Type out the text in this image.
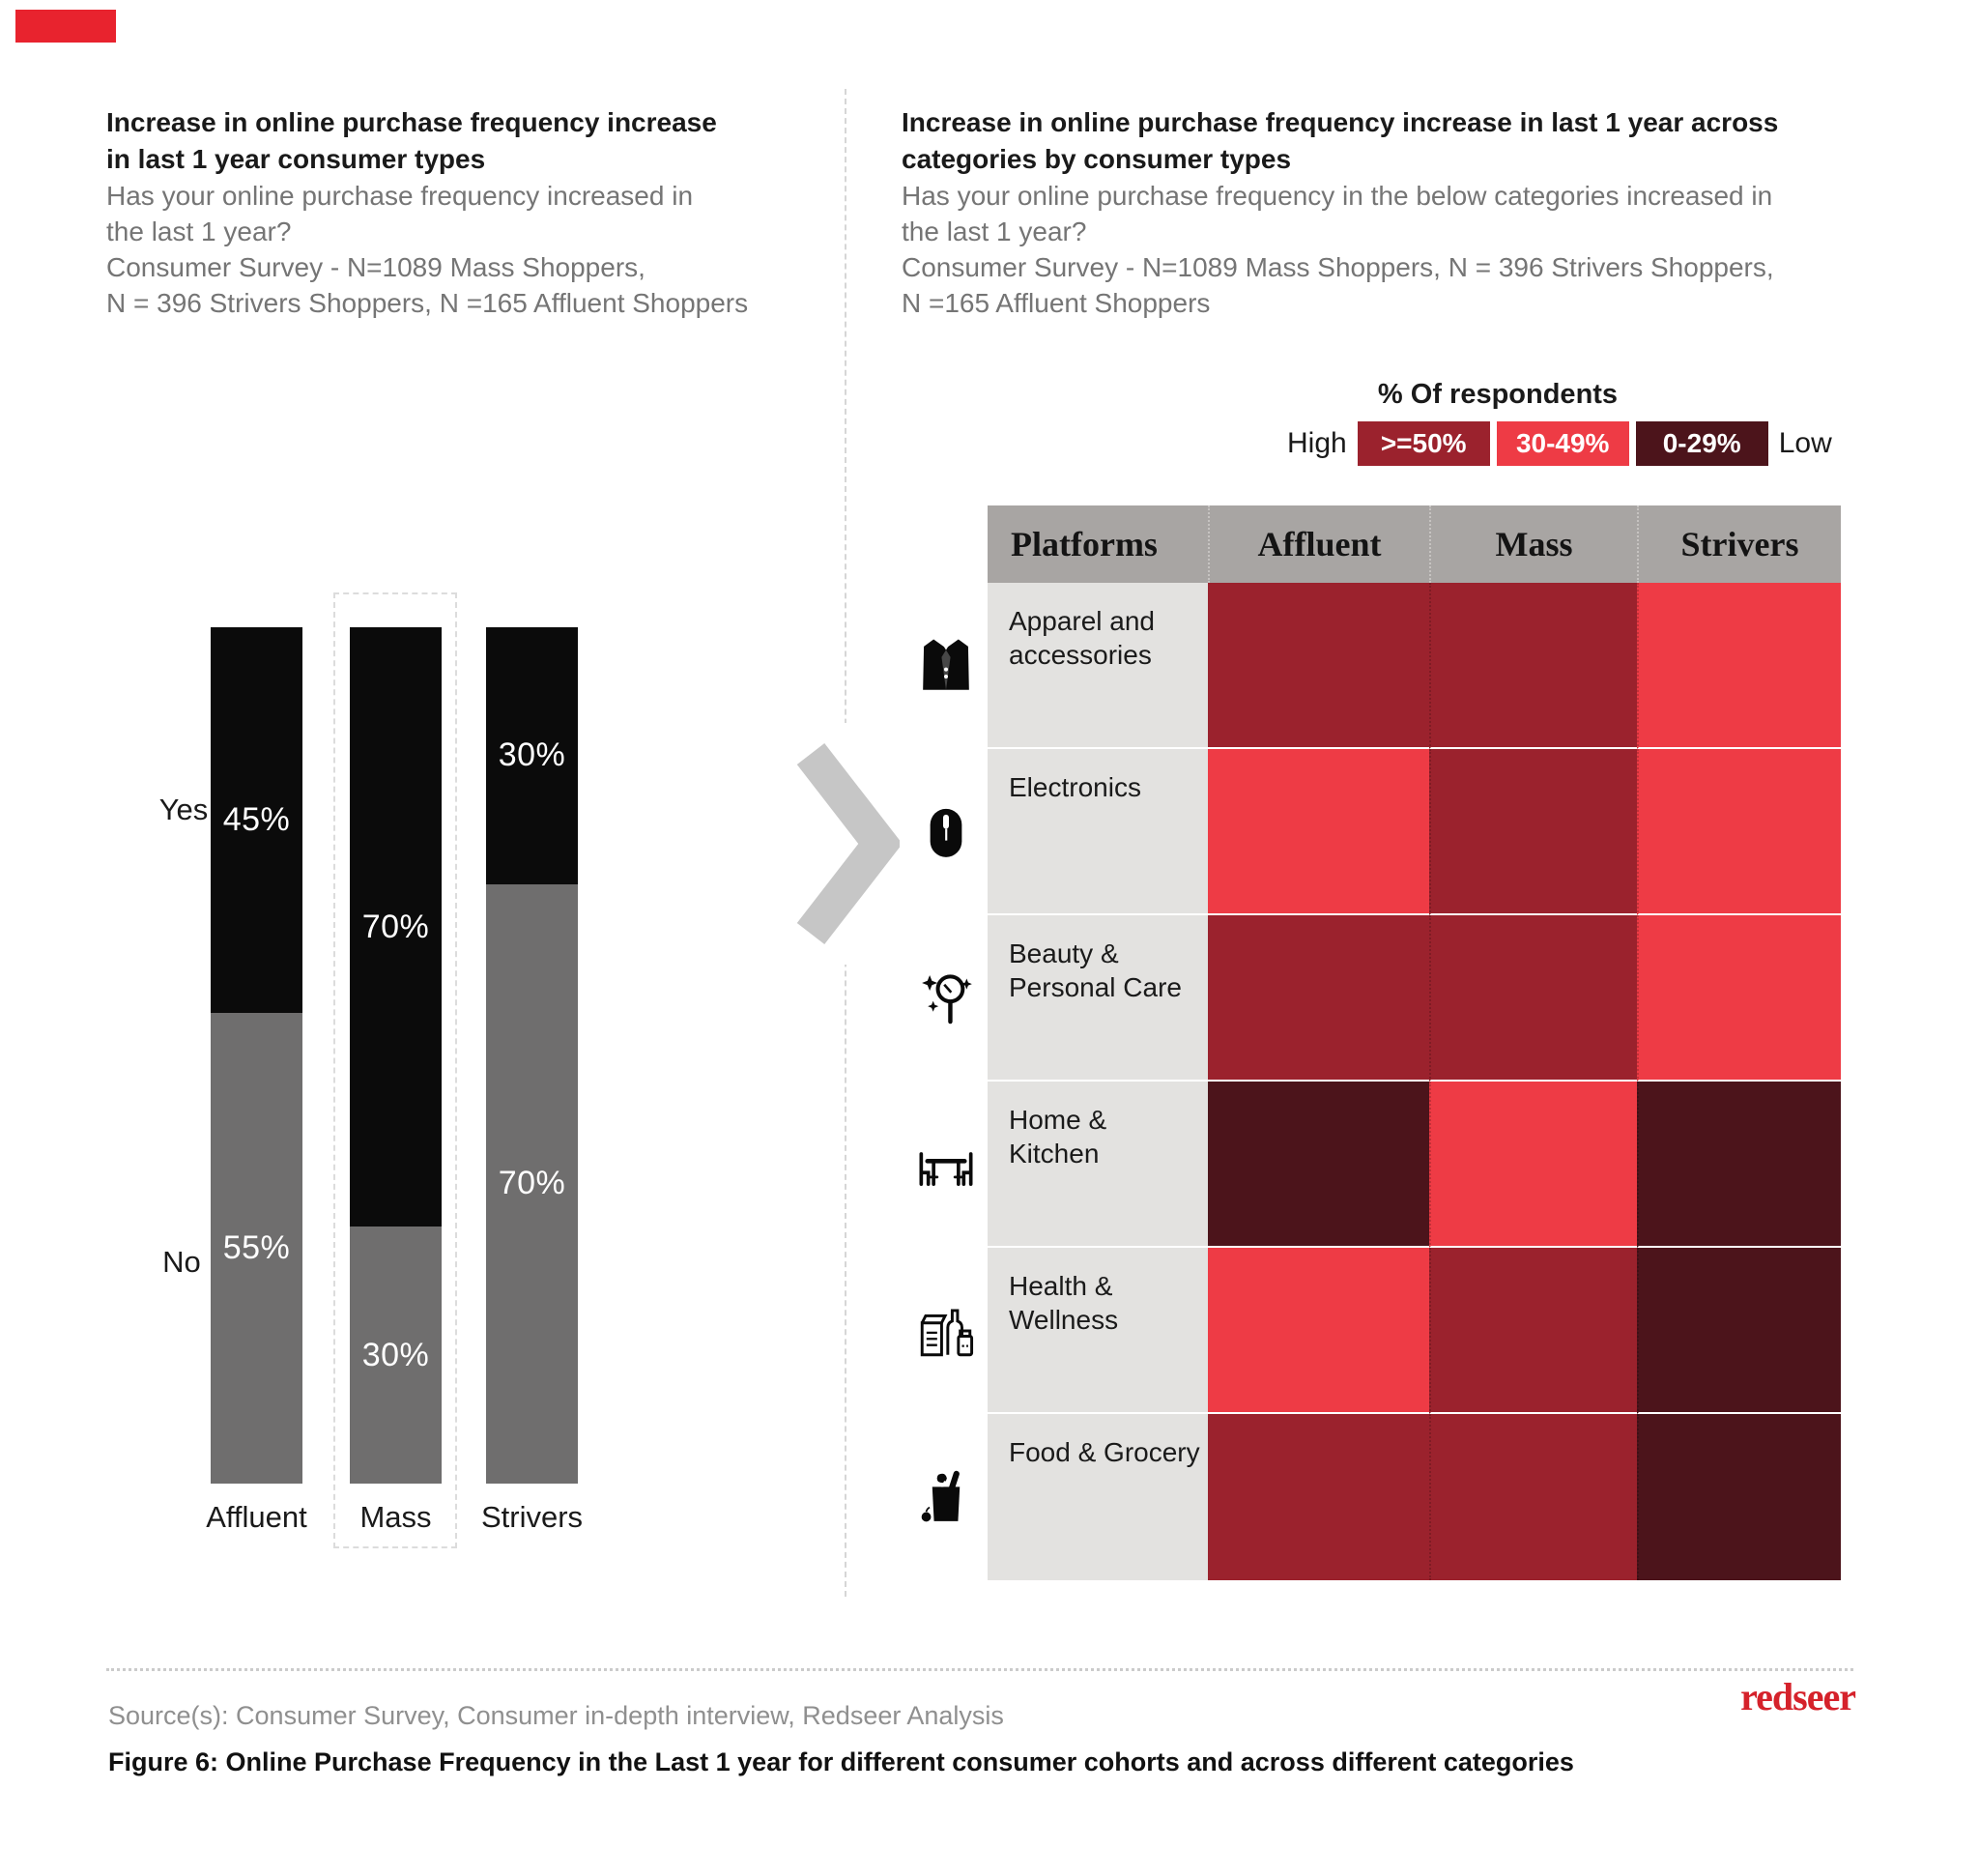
Increase in online purchase frequency increase
in last 1 year consumer types
Has your online purchase frequency increased in
the last 1 year?
Consumer Survey - N=1089 Mass Shoppers,
N = 396 Strivers Shoppers, N =165 Affluent Shoppers
45%
55%
Affluent
70%
30%
Mass
30%
70%
Strivers
Yes
No
Increase in online purchase frequency increase in last 1 year across
categories by consumer types
Has your online purchase frequency in the below categories increased in
the last 1 year?
Consumer Survey - N=1089 Mass Shoppers, N = 396 Strivers Shoppers,
N =165 Affluent Shoppers
% Of respondents
High	>=50%	30-49%	0-29%	Low
Platforms	Affluent	Mass	Strivers
Apparel and accessories
Electronics
Beauty & Personal Care
Home & Kitchen
Health & Wellness
Food & Grocery
redseer
Source(s): Consumer Survey, Consumer in-depth interview, Redseer Analysis
Figure 6: Online Purchase Frequency in the Last 1 year for different consumer cohorts and across different categories
